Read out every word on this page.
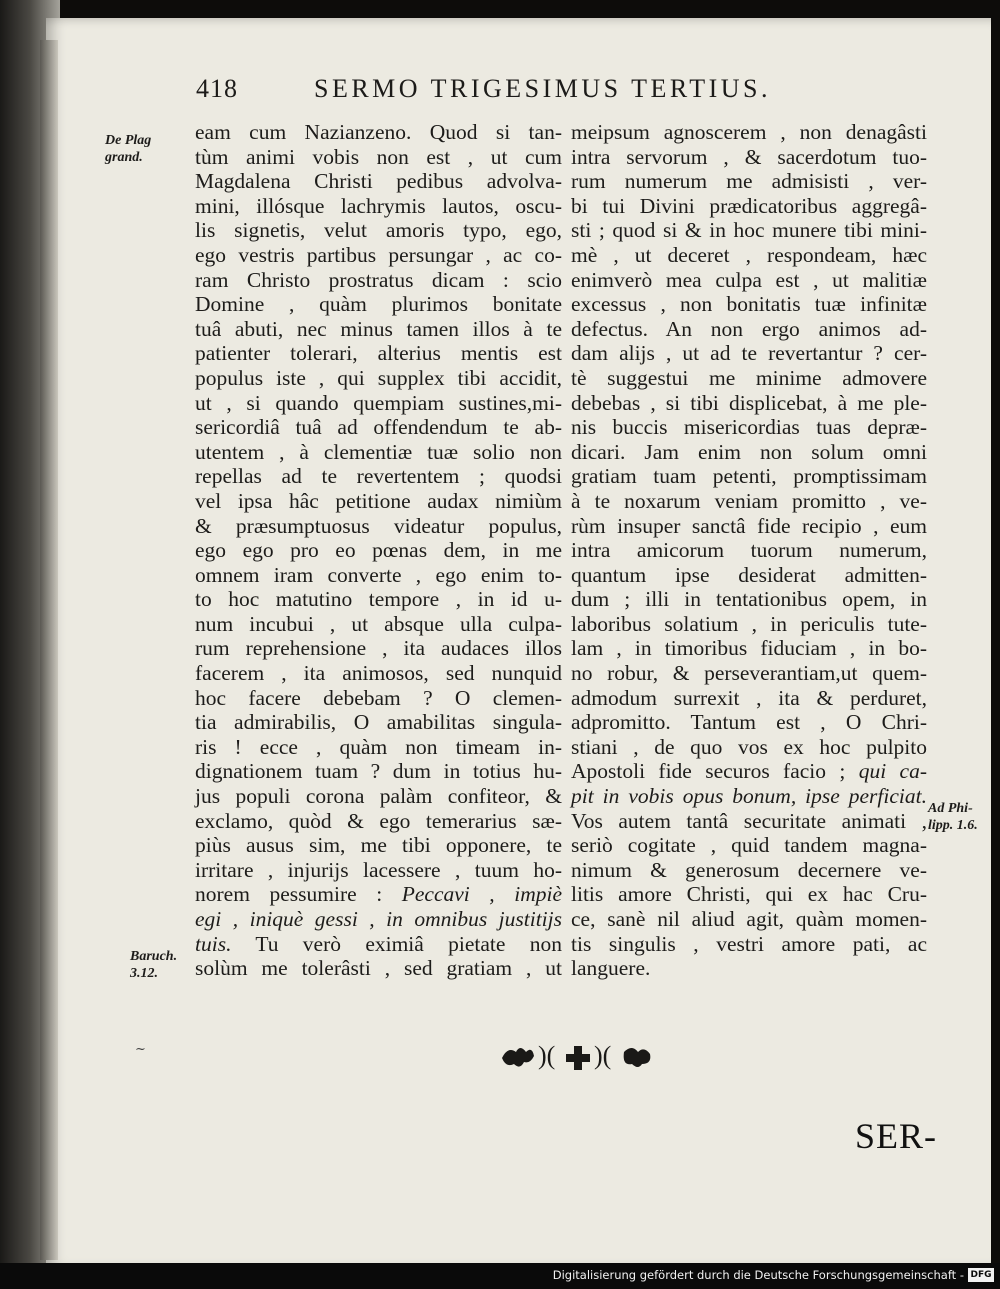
418	SERMO TRIGESIMUS TERTIUS.
De Plag
grand.
Baruch.
3.12.
Ad Phi-
lipp. 1.6.
eam cum Nazianzeno. Quod si tan-
tùm animi vobis non est , ut cum
Magdalena Christi pedibus advolva-
mini, illósque lachrymis lautos, oscu-
lis signetis, velut amoris typo, ego,
ego vestris partibus persungar , ac co-
ram Christo prostratus dicam : scio
Domine , quàm plurimos bonitate
tuâ abuti, nec minus tamen illos à te
patienter tolerari, alterius mentis est
populus iste , qui supplex tibi accidit,
ut , si quando quempiam sustines,mi-
sericordiâ tuâ ad offendendum te ab-
utentem , à clementiæ tuæ solio non
repellas ad te revertentem ; quodsi
vel ipsa hâc petitione audax nimiùm
& præsumptuosus videatur populus,
ego ego pro eo pœnas dem, in me
omnem iram converte , ego enim to-
to hoc matutino tempore , in id u-
num incubui , ut absque ulla culpa-
rum reprehensione , ita audaces illos
facerem , ita animosos, sed nunquid
hoc facere debebam ? O clemen-
tia admirabilis, O amabilitas singula-
ris ! ecce , quàm non timeam in-
dignationem tuam ? dum in totius hu-
jus populi corona palàm confiteor, &
exclamo, quòd & ego temerarius sæ-
piùs ausus sim, me tibi opponere, te
irritare , injurijs lacessere , tuum ho-
norem pessumire : Peccavi , impiè
egi , iniquè gessi , in omnibus justitijs
tuis. Tu verò eximiâ pietate non
solùm me tolerâsti , sed gratiam , ut
meipsum agnoscerem , non denagâsti
intra servorum , & sacerdotum tuo-
rum numerum me admisisti , ver-
bi tui Divini prædicatoribus aggregâ-
sti ; quod si & in hoc munere tibi mini-
mè , ut deceret , respondeam, hæc
enimverò mea culpa est , ut malitiæ
excessus , non bonitatis tuæ infinitæ
defectus. An non ergo animos ad-
dam alijs , ut ad te revertantur ? cer-
tè suggestui me minime admovere
debebas , si tibi displicebat, à me ple-
nis buccis misericordias tuas depræ-
dicari. Jam enim non solum omni
gratiam tuam petenti, promptissimam
à te noxarum veniam promitto , ve-
rùm insuper sanctâ fide recipio , eum
intra amicorum tuorum numerum,
quantum ipse desiderat admitten-
dum ; illi in tentationibus opem, in
laboribus solatium , in periculis tute-
lam , in timoribus fiduciam , in bo-
no robur, & perseverantiam,ut quem-
admodum surrexit , ita & perduret,
adpromitto. Tantum est , O Chri-
stiani , de quo vos ex hoc pulpito
Apostoli fide securos facio ; qui ca-
pit in vobis opus bonum, ipse perficiat.
Vos autem tantâ securitate animati ,
seriò cogitate , quid tandem magna-
nimum & generosum decernere ve-
litis amore Christi, qui ex hac Cru-
ce, sanè nil aliud agit, quàm momen-
tis singulis , vestri amore pati, ac
languere.
)( )(
~
SER-
Digitalisierung gefördert durch die Deutsche Forschungsgemeinschaft - DFG
